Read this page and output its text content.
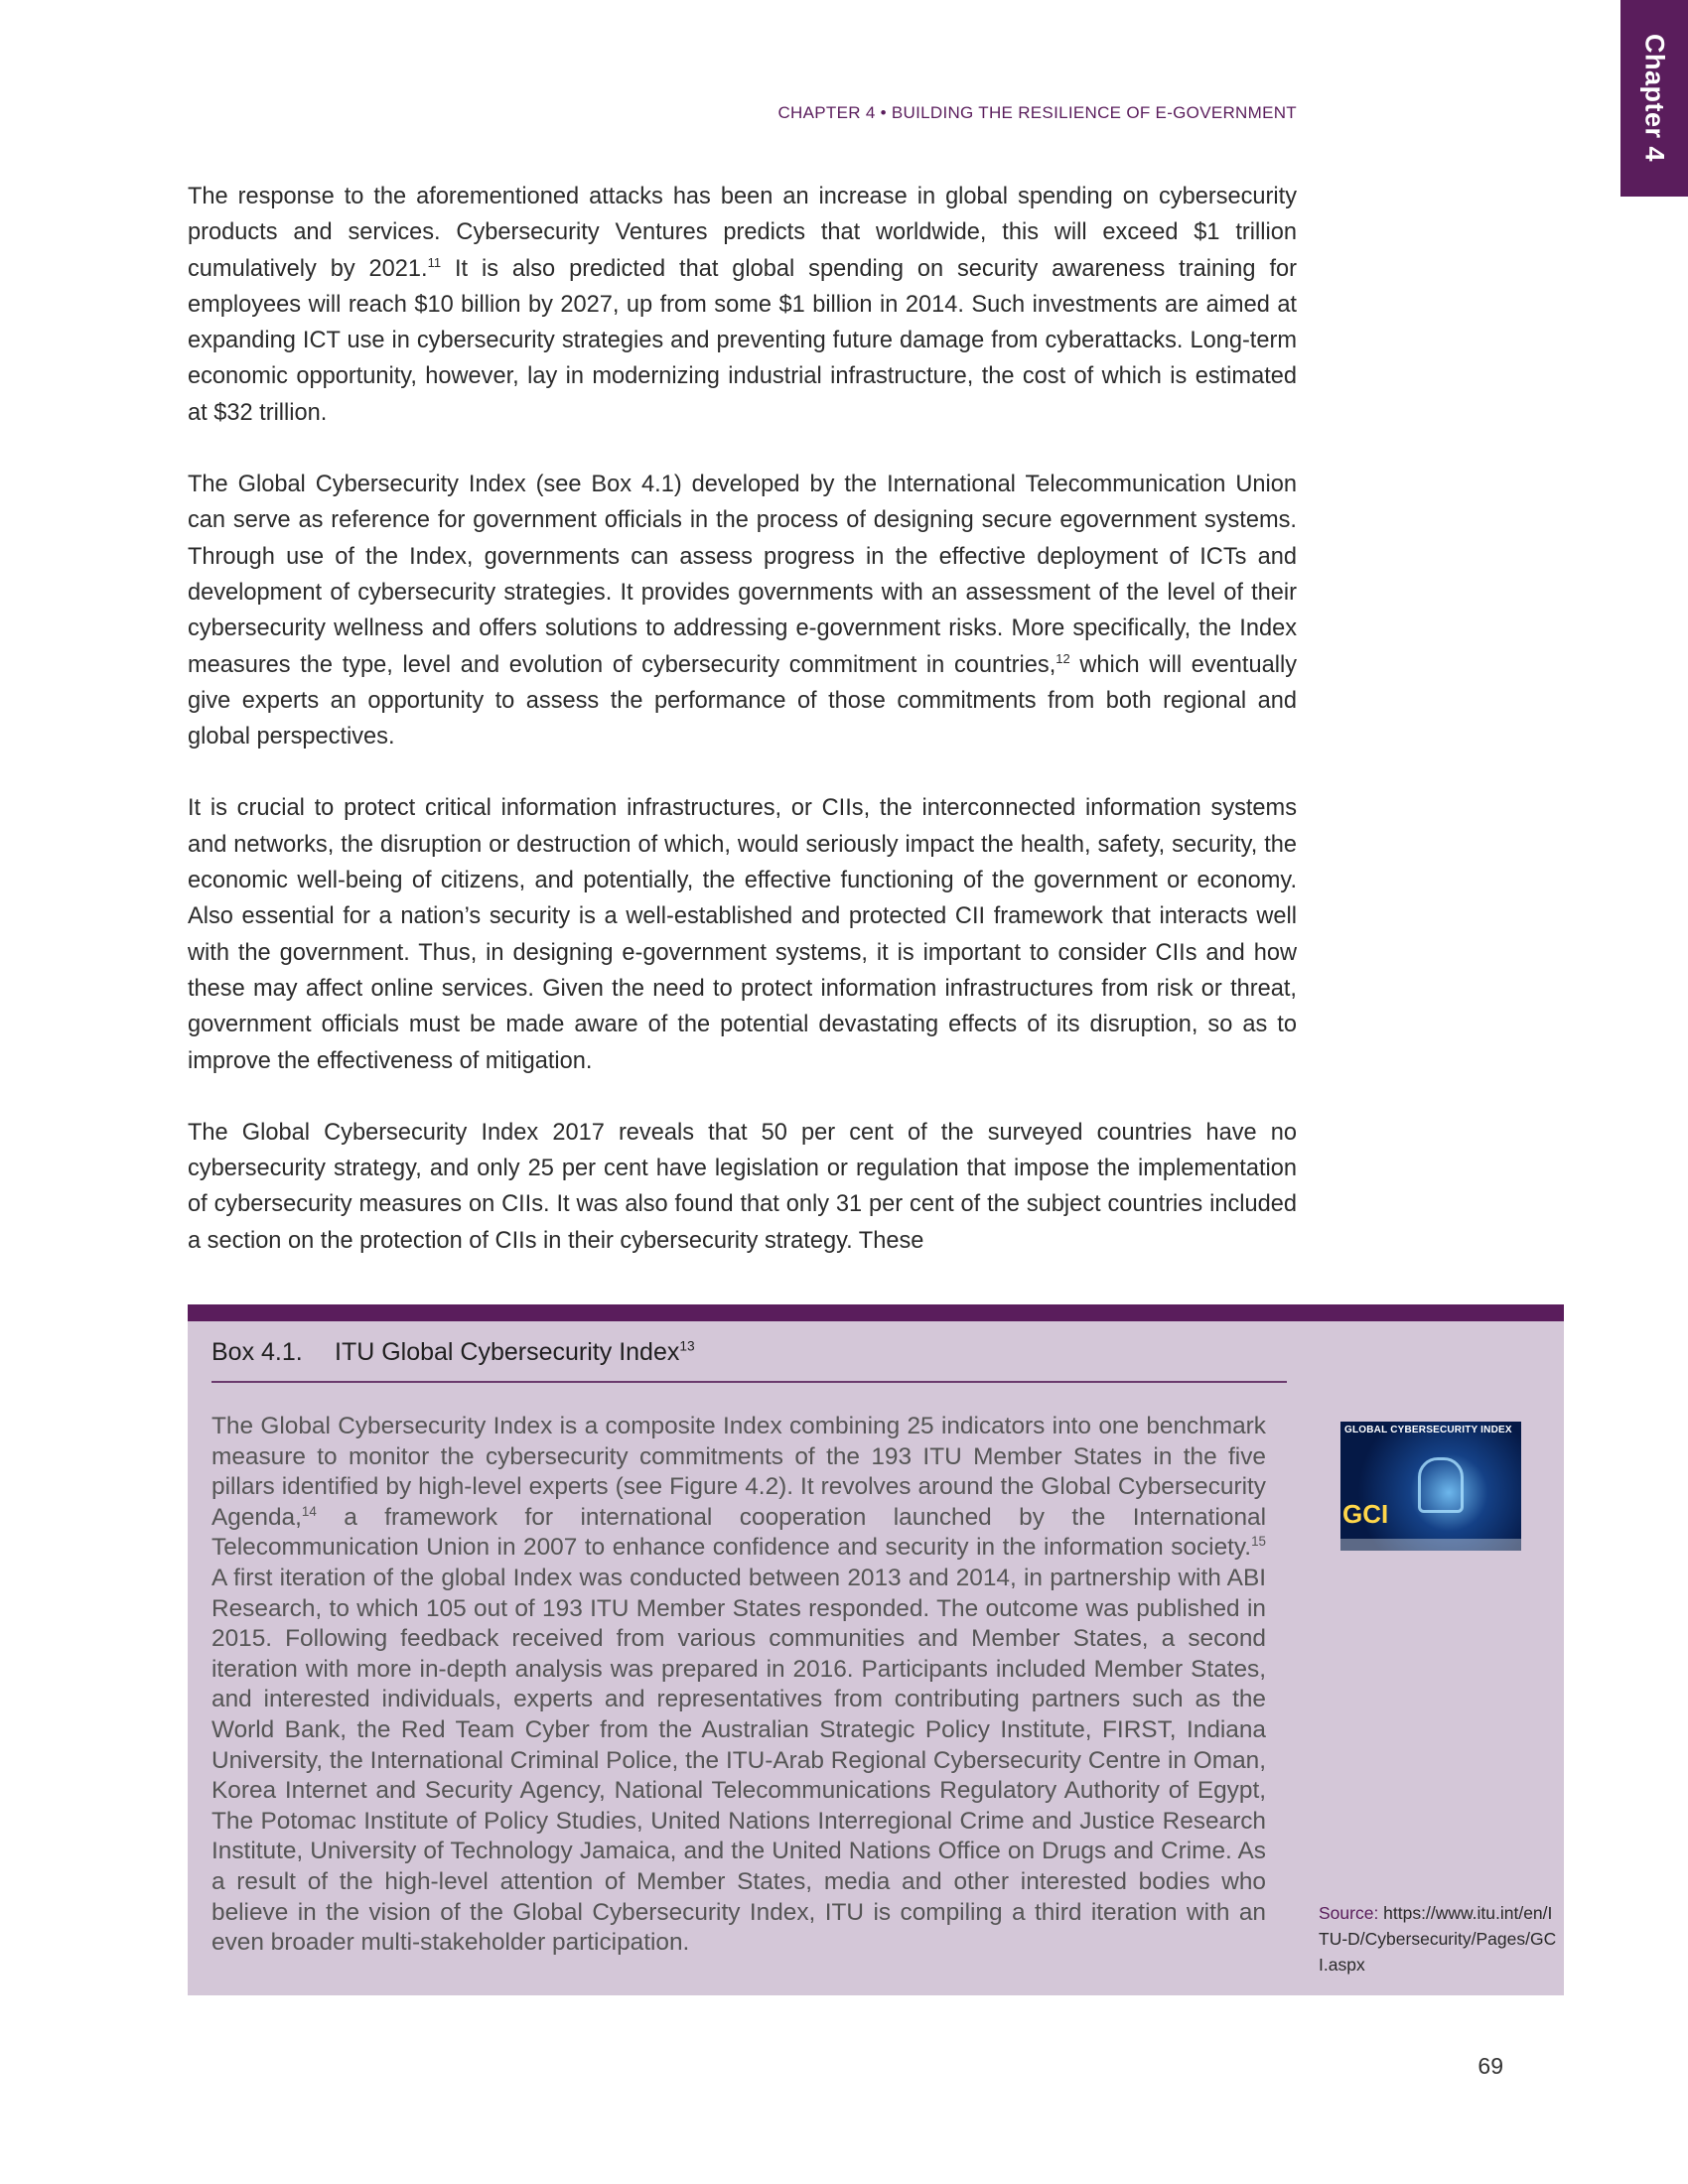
Chapter 4
CHAPTER 4 • BUILDING THE RESILIENCE OF E-GOVERNMENT

The response to the aforementioned attacks has been an increase in global spending on cybersecurity products and services. Cybersecurity Ventures predicts that worldwide, this will exceed $1 trillion cumulatively by 2021.11 It is also predicted that global spending on security awareness training for employees will reach $10 billion by 2027, up from some $1 billion in 2014. Such investments are aimed at expanding ICT use in cybersecurity strategies and preventing future damage from cyberattacks. Long-term economic opportunity, however, lay in modernizing industrial infrastructure, the cost of which is estimated at $32 trillion.

The Global Cybersecurity Index (see Box 4.1) developed by the International Telecommunication Union can serve as reference for government officials in the process of designing secure egovernment systems. Through use of the Index, governments can assess progress in the effective deployment of ICTs and development of cybersecurity strategies. It provides governments with an assessment of the level of their cybersecurity wellness and offers solutions to addressing e-government risks. More specifically, the Index measures the type, level and evolution of cybersecurity commitment in countries,$^{12}$ which will eventually give experts an opportunity to assess the performance of those commitments from both regional and global perspectives.

It is crucial to protect critical information infrastructures, or CIIs, the interconnected information systems and networks, the disruption or destruction of which, would seriously impact the health, safety, security, the economic well-being of citizens, and potentially, the effective functioning of the government or economy. Also essential for a nation’s security is a well-established and protected CII framework that interacts well with the government. Thus, in designing e-government systems, it is important to consider CIIs and how these may affect online services. Given the need to protect information infrastructures from risk or threat, government officials must be made aware of the potential devastating effects of its disruption, so as to improve the effectiveness of mitigation.

The Global Cybersecurity Index 2017 reveals that 50 per cent of the surveyed countries have no cybersecurity strategy, and only 25 per cent have legislation or regulation that impose the implementation of cybersecurity measures on CIIs. It was also found that only 31 per cent of the subject countries included a section on the protection of CIIs in their cybersecurity strategy. These

Box 4.1. ITU Global Cybersecurity Index$^{13}$

The Global Cybersecurity Index is a composite Index combining 25 indicators into one benchmark measure to monitor the cybersecurity commitments of the 193 ITU Member States in the five pillars identified by high-level experts (see Figure 4.2). It revolves around the Global Cybersecurity Agenda,$^{14}$ a framework for international cooperation launched by the International Telecommunication Union in 2007 to enhance confidence and security in the information society.$^{15}$ A first iteration of the global Index was conducted between 2013 and 2014, in partnership with ABI Research, to which 105 out of 193 ITU Member States responded. The outcome was published in 2015. Following feedback received from various communities and Member States, a second iteration with more in-depth analysis was prepared in 2016. Participants included Member States, and interested individuals, experts and representatives from contributing partners such as the World Bank, the Red Team Cyber from the Australian Strategic Policy Institute, FIRST, Indiana University, the International Criminal Police, the ITU-Arab Regional Cybersecurity Centre in Oman, Korea Internet and Security Agency, National Telecommunications Regulatory Authority of Egypt, The Potomac Institute of Policy Studies, United Nations Interregional Crime and Justice Research Institute, University of Technology Jamaica, and the United Nations Office on Drugs and Crime. As a result of the high-level attention of Member States, media and other interested bodies who believe in the vision of the Global Cybersecurity Index, ITU is compiling a third iteration with an even broader multi-stakeholder participation.

GLOBAL CYBERSECURITY INDEX
GCI
Source: https://www.itu.int/en/ITU-D/Cybersecurity/Pages/GCI.aspx
69
